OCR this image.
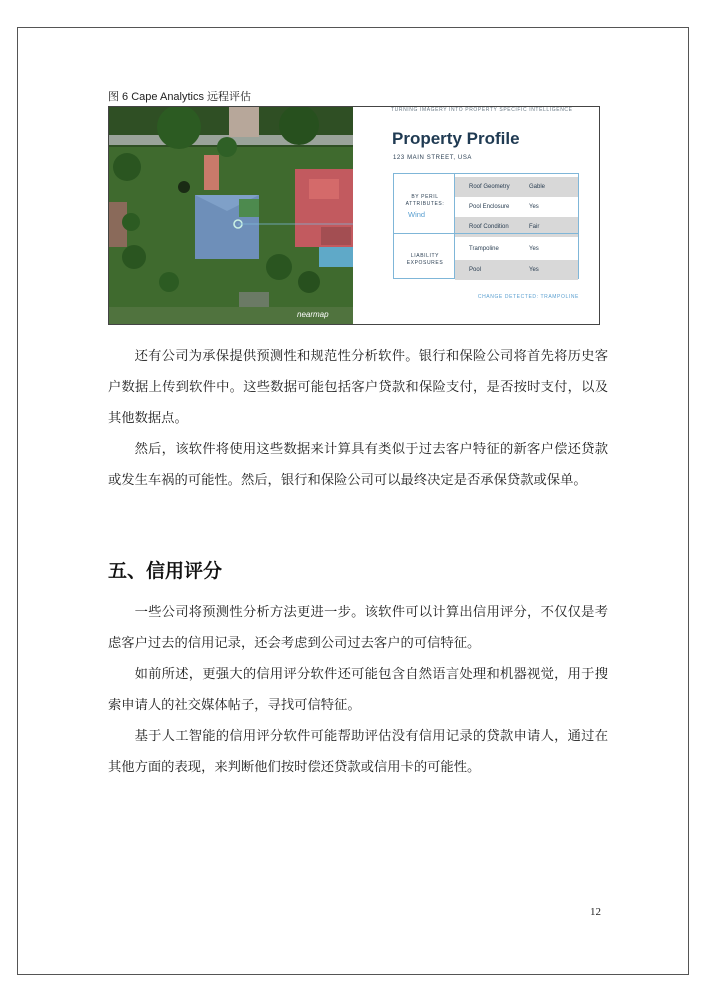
图 6 Cape Analytics 远程评估
nearmap
TURNING IMAGERY INTO PROPERTY SPECIFIC INTELLIGENCE
Property Profile
123 MAIN STREET, USA
BY PERIL ATTRIBUTES:
Wind
LIABILITY EXPOSURES
Roof Geometry	Gable
Pool Enclosure	Yes
Roof Condition	Fair
Trampoline	Yes
Pool	Yes
CHANGE DETECTED: TRAMPOLINE

还有公司为承保提供预测性和规范性分析软件。银行和保险公司将首先将历史客户数据上传到软件中。这些数据可能包括客户贷款和保险支付，是否按时支付，以及其他数据点。

然后，该软件将使用这些数据来计算具有类似于过去客户特征的新客户偿还贷款或发生车祸的可能性。然后，银行和保险公司可以最终决定是否承保贷款或保单。

五、信用评分

一些公司将预测性分析方法更进一步。该软件可以计算出信用评分，不仅仅是考虑客户过去的信用记录，还会考虑到公司过去客户的可信特征。

如前所述，更强大的信用评分软件还可能包含自然语言处理和机器视觉，用于搜索申请人的社交媒体帖子，寻找可信特征。

基于人工智能的信用评分软件可能帮助评估没有信用记录的贷款申请人，通过在其他方面的表现，来判断他们按时偿还贷款或信用卡的可能性。

12
